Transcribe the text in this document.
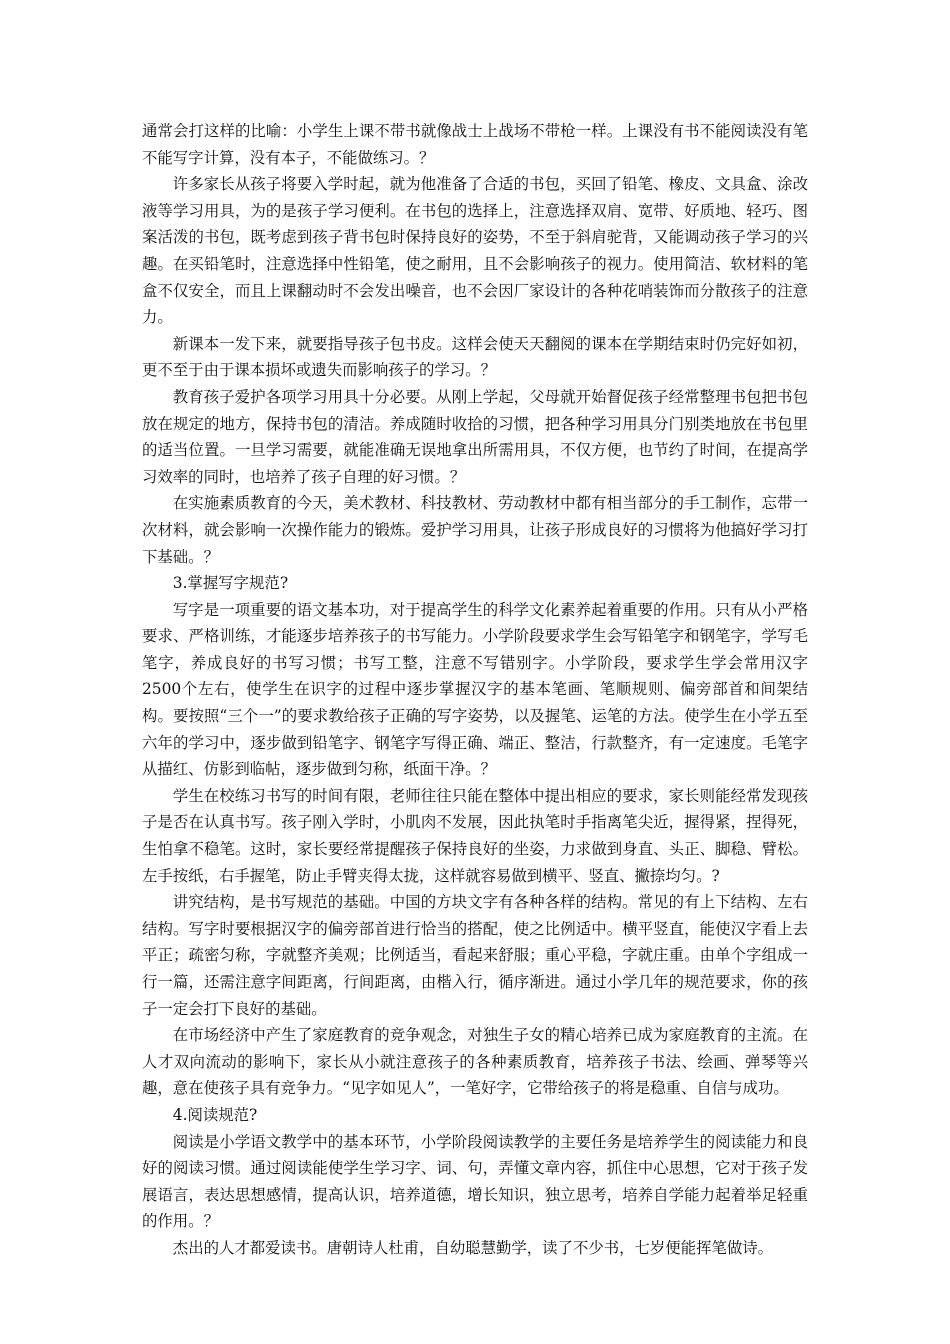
通常会打这样的比喻：小学生上课不带书就像战士上战场不带枪一样。上课没有书不能阅读没有笔不能写字计算，没有本子，不能做练习。？

许多家长从孩子将要入学时起，就为他准备了合适的书包，买回了铅笔、橡皮、文具盒、涂改液等学习用具，为的是孩子学习便利。在书包的选择上，注意选择双肩、宽带、好质地、轻巧、图案活泼的书包，既考虑到孩子背书包时保持良好的姿势，不至于斜肩驼背，又能调动孩子学习的兴趣。在买铅笔时，注意选择中性铅笔，使之耐用，且不会影响孩子的视力。使用简洁、软材料的笔盒不仅安全，而且上课翻动时不会发出噪音，也不会因厂家设计的各种花哨装饰而分散孩子的注意力。

新课本一发下来，就要指导孩子包书皮。这样会使天天翻阅的课本在学期结束时仍完好如初，更不至于由于课本损坏或遗失而影响孩子的学习。？

教育孩子爱护各项学习用具十分必要。从刚上学起，父母就开始督促孩子经常整理书包把书包放在规定的地方，保持书包的清洁。养成随时收拾的习惯，把各种学习用具分门别类地放在书包里的适当位置。一旦学习需要，就能准确无误地拿出所需用具，不仅方便，也节约了时间，在提高学习效率的同时，也培养了孩子自理的好习惯。？

在实施素质教育的今天，美术教材、科技教材、劳动教材中都有相当部分的手工制作，忘带一次材料，就会影响一次操作能力的锻炼。爱护学习用具，让孩子形成良好的习惯将为他搞好学习打下基础。？

3.掌握写字规范?

写字是一项重要的语文基本功，对于提高学生的科学文化素养起着重要的作用。只有从小严格要求、严格训练，才能逐步培养孩子的书写能力。小学阶段要求学生会写铅笔字和钢笔字，学写毛笔字，养成良好的书写习惯；书写工整，注意不写错别字。小学阶段，要求学生学会常用汉字2500个左右，使学生在识字的过程中逐步掌握汉字的基本笔画、笔顺规则、偏旁部首和间架结构。要按照“三个一”的要求教给孩子正确的写字姿势，以及握笔、运笔的方法。使学生在小学五至六年的学习中，逐步做到铅笔字、钢笔字写得正确、端正、整洁，行款整齐，有一定速度。毛笔字从描红、仿影到临帖，逐步做到匀称，纸面干净。？

学生在校练习书写的时间有限，老师往往只能在整体中提出相应的要求，家长则能经常发现孩子是否在认真书写。孩子刚入学时，小肌肉不发展，因此执笔时手指离笔尖近，握得紧，捏得死，生怕拿不稳笔。这时，家长要经常提醒孩子保持良好的坐姿，力求做到身直、头正、脚稳、臂松。左手按纸，右手握笔，防止手臂夹得太拢，这样就容易做到横平、竖直、撇捺均匀。?

讲究结构，是书写规范的基础。中国的方块文字有各种各样的结构。常见的有上下结构、左右结构。写字时要根据汉字的偏旁部首进行恰当的搭配，使之比例适中。横平竖直，能使汉字看上去平正；疏密匀称，字就整齐美观；比例适当，看起来舒服；重心平稳，字就庄重。由单个字组成一行一篇，还需注意字间距离，行间距离，由楷入行，循序渐进。通过小学几年的规范要求，你的孩子一定会打下良好的基础。

在市场经济中产生了家庭教育的竞争观念，对独生子女的精心培养已成为家庭教育的主流。在人才双向流动的影响下，家长从小就注意孩子的各种素质教育，培养孩子书法、绘画、弹琴等兴趣，意在使孩子具有竞争力。“见字如见人”，一笔好字，它带给孩子的将是稳重、自信与成功。

4.阅读规范?

阅读是小学语文教学中的基本环节，小学阶段阅读教学的主要任务是培养学生的阅读能力和良好的阅读习惯。通过阅读能使学生学习字、词、句，弄懂文章内容，抓住中心思想，它对于孩子发展语言，表达思想感情，提高认识，培养道德，增长知识，独立思考，培养自学能力起着举足轻重的作用。？

杰出的人才都爱读书。唐朝诗人杜甫，自幼聪慧勤学，读了不少书，七岁便能挥笔做诗。
